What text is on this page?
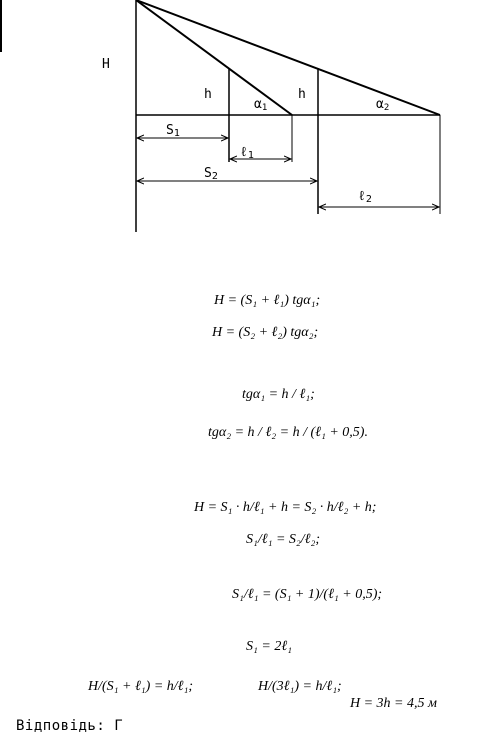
H
h	h
α1	α2
S1
ℓ1
S2
ℓ2
H = (S₁ + ℓ₁) tgα₁;
H = (S₂ + ℓ₂) tgα₂;
tgα₁ = h / ℓ₁;
tgα₂ = h / ℓ₂ = h / (ℓ₁ + 0,5).
H = S₁ · h/ℓ₁ + h = S₂ · h/ℓ₂ + h;
S₁/ℓ₁ = S₂/ℓ₂;
S₁/ℓ₁ = (S₁ + 1)/(ℓ₁ + 0,5);
S₁ = 2ℓ₁
H/(S₁ + ℓ₁) = h/ℓ₁;	H/(3ℓ₁) = h/ℓ₁;
H = 3h = 4,5 м
Відповідь: Г
